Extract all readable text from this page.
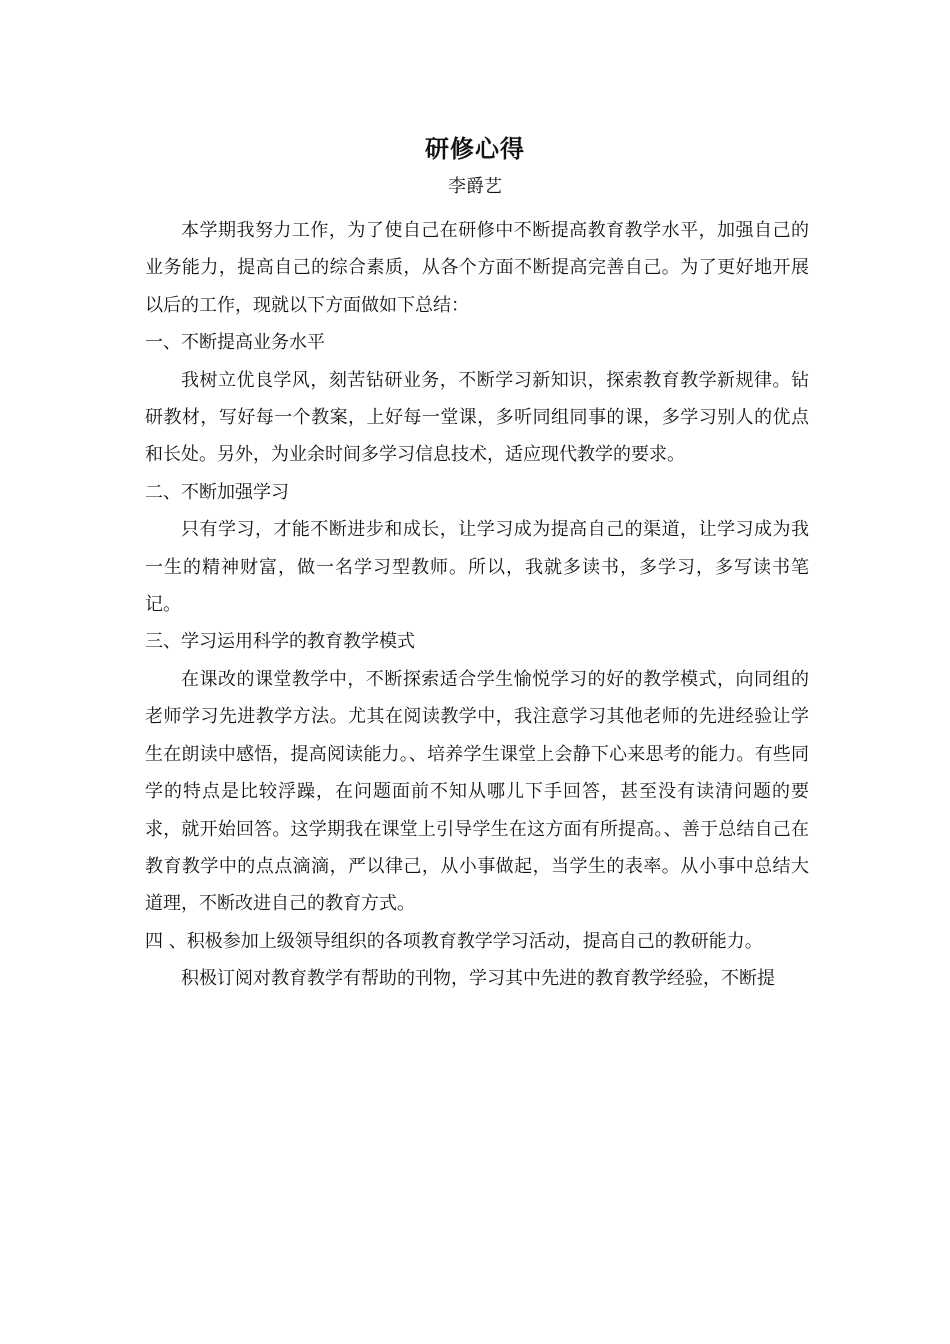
研修心得
李爵艺

本学期我努力工作，为了使自己在研修中不断提高教育教学水平，加强自己的业务能力，提高自己的综合素质，从各个方面不断提高完善自己。为了更好地开展以后的工作，现就以下方面做如下总结：

一、不断提高业务水平

我树立优良学风，刻苦钻研业务，不断学习新知识，探索教育教学新规律。钻研教材，写好每一个教案，上好每一堂课，多听同组同事的课，多学习别人的优点和长处。另外，为业余时间多学习信息技术，适应现代教学的要求。

二、不断加强学习

只有学习，才能不断进步和成长，让学习成为提高自己的渠道，让学习成为我一生的精神财富，做一名学习型教师。所以，我就多读书，多学习，多写读书笔记。

三、学习运用科学的教育教学模式

在课改的课堂教学中，不断探索适合学生愉悦学习的好的教学模式，向同组的老师学习先进教学方法。尤其在阅读教学中，我注意学习其他老师的先进经验让学生在朗读中感悟，提高阅读能力。、培养学生课堂上会静下心来思考的能力。有些同学的特点是比较浮躁，在问题面前不知从哪儿下手回答，甚至没有读清问题的要求，就开始回答。这学期我在课堂上引导学生在这方面有所提高。、善于总结自己在教育教学中的点点滴滴，严以律己，从小事做起，当学生的表率。从小事中总结大道理，不断改进自己的教育方式。

四 、积极参加上级领导组织的各项教育教学学习活动，提高自己的教研能力。

积极订阅对教育教学有帮助的刊物，学习其中先进的教育教学经验，不断提
